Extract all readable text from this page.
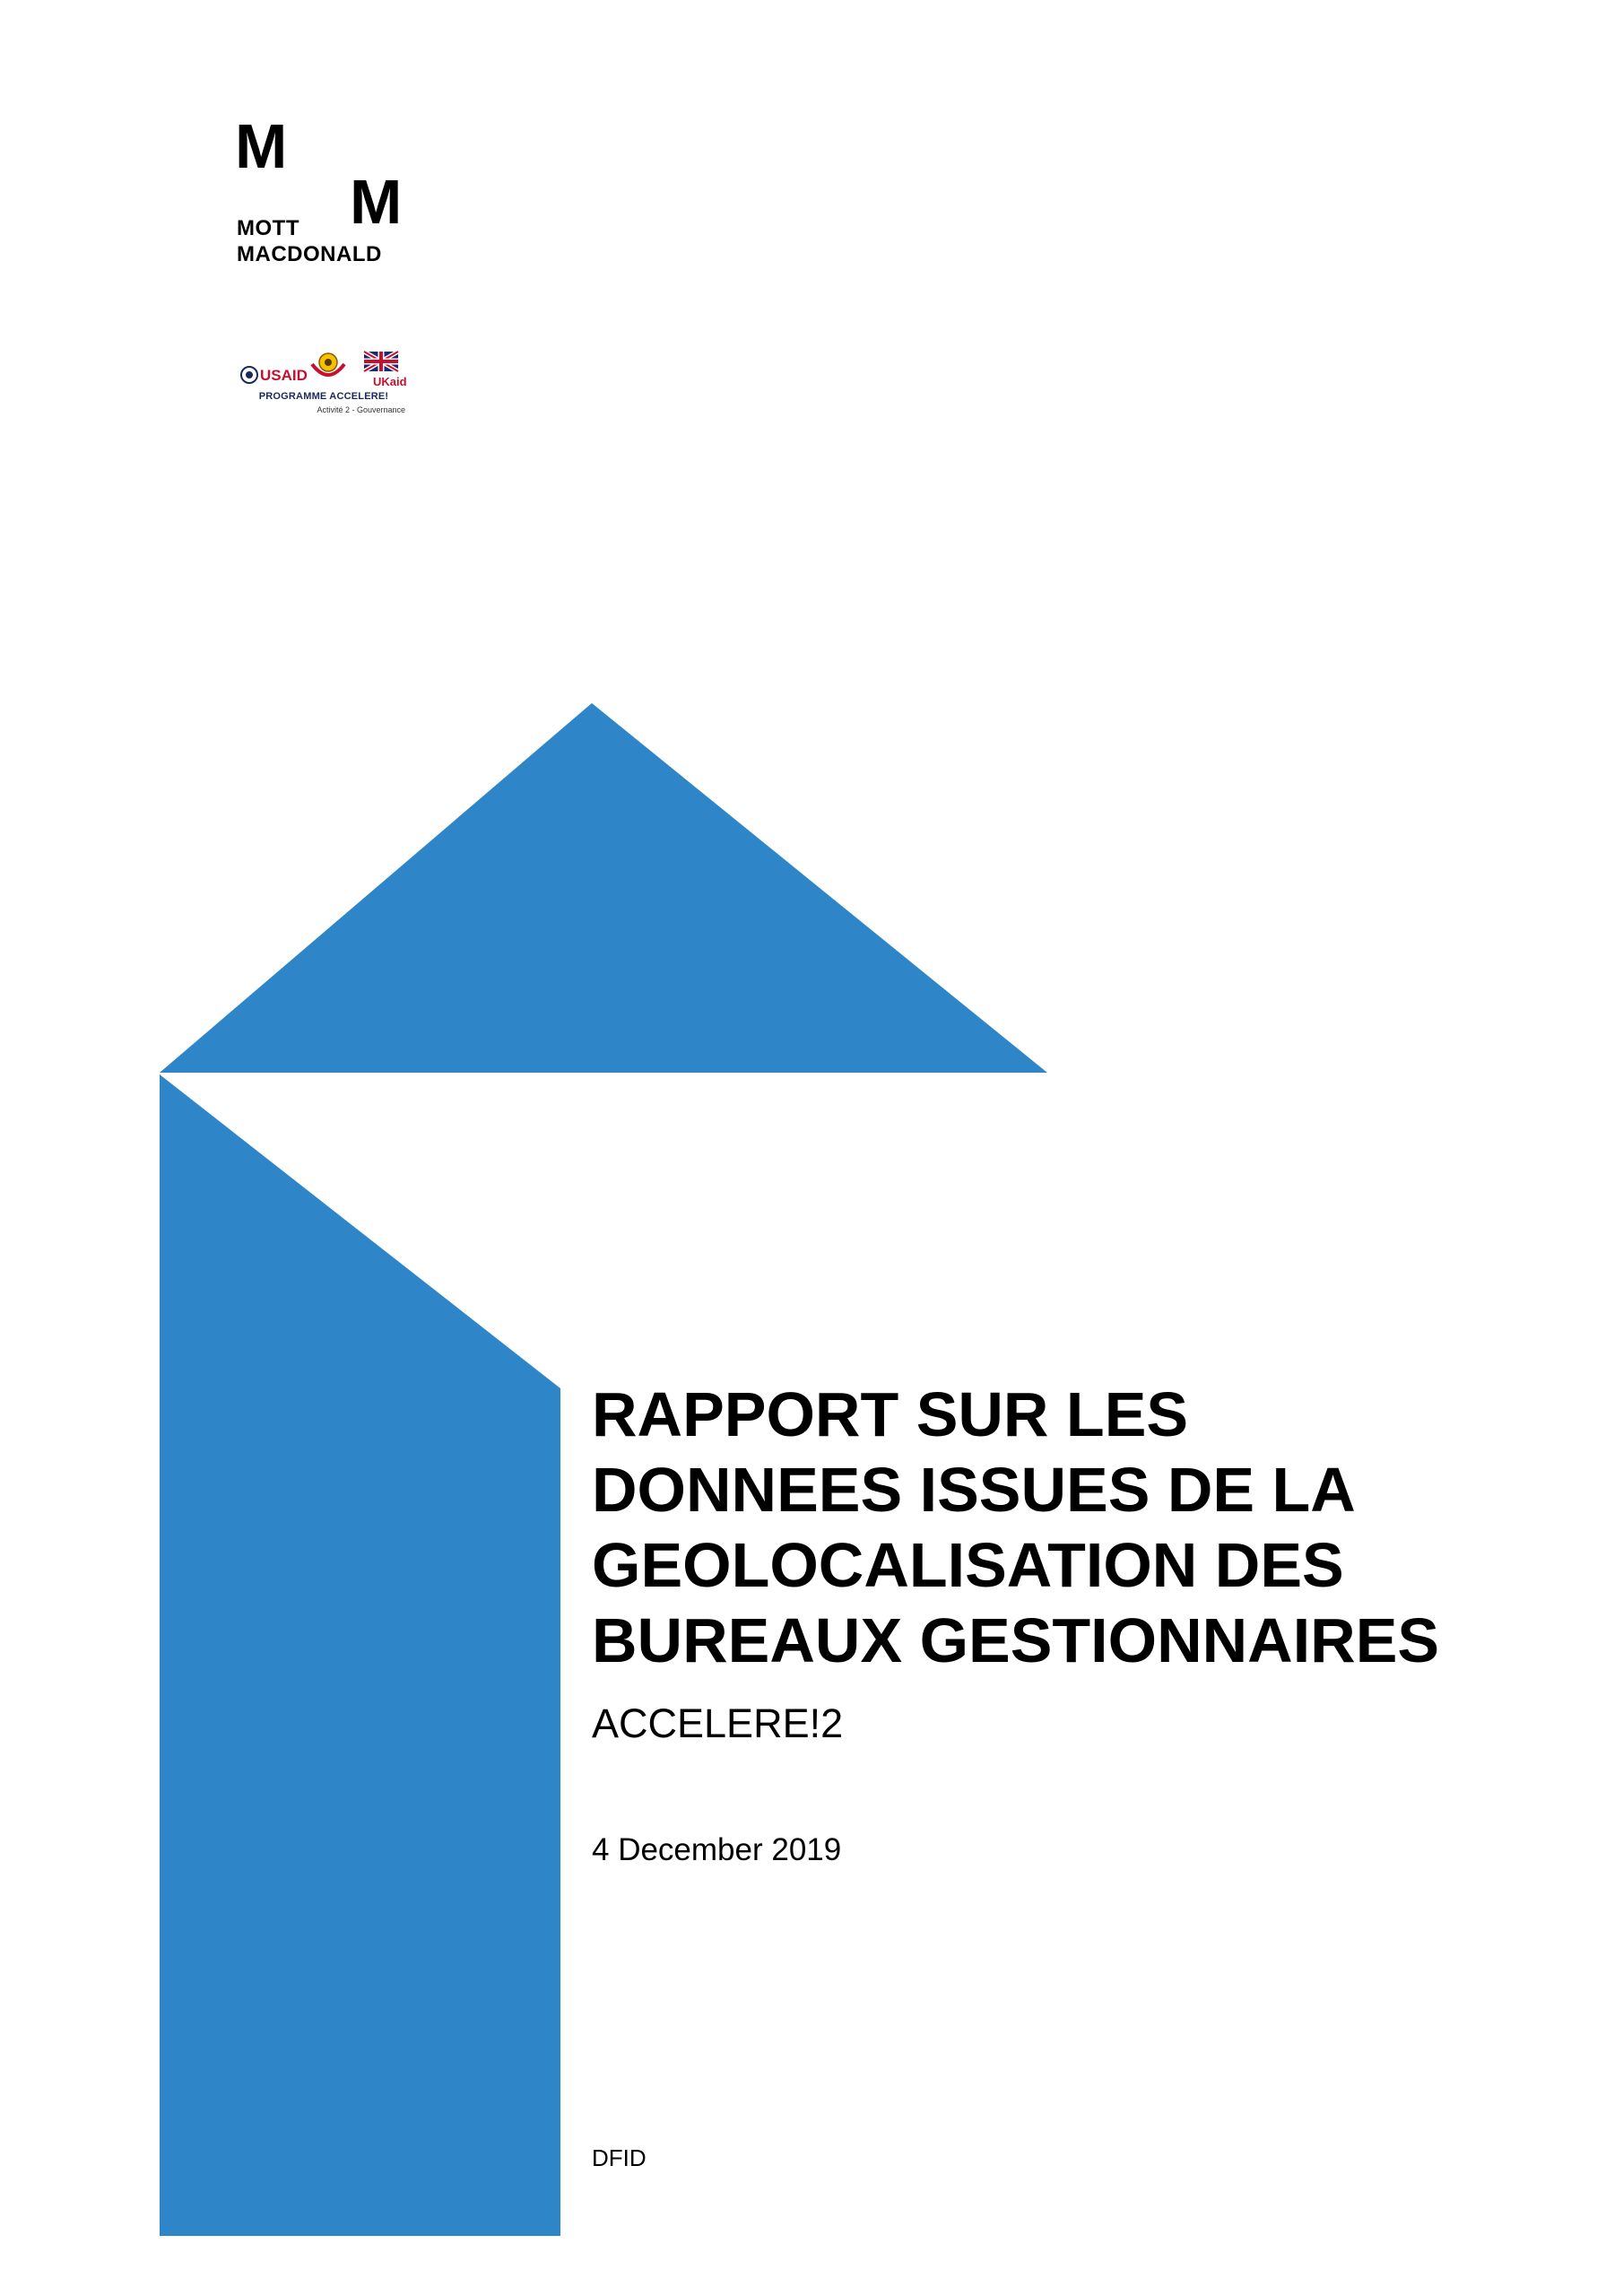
M
M
MOTT
MACDONALD
USAID	UKaid
PROGRAMME ACCELERE!
Activité 2 - Gouvernance
RAPPORT SUR LES
DONNEES ISSUES DE LA
GEOLOCALISATION DES
BUREAUX GESTIONNAIRES
ACCELERE!2
4 December 2019
DFID
